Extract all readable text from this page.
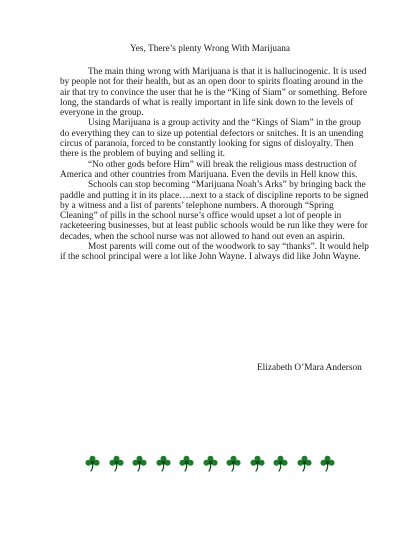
Yes, There’s plenty Wrong With Marijuana

The main thing wrong with Marijuana is that it is hallucinogenic. It is used by people not for their health, but as an open door to spirits floating around in the air that try to convince the user that he is the “King of Siam” or something. Before long, the standards of what is really important in life sink down to the levels of everyone in the group.

Using Marijuana is a group activity and the “Kings of Siam” in the group do everything they can to size up potential defectors or snitches. It is an unending circus of paranoia, forced to be constantly looking for signs of disloyalty. Then there is the problem of buying and selling it.

“No other gods before Him” will break the religious mass destruction of America and other countries from Marijuana. Even the devils in Hell know this.

Schools can stop becoming “Marijuana Noah’s Arks” by bringing back the paddle and putting it in its place….next to a stack of discipline reports to be signed by a witness and a list of parents’ telephone numbers. A thorough “Spring Cleaning” of pills in the school nurse’s office would upset a lot of people in racketeering businesses, but at least public schools would be run like they were for decades, when the school nurse was not allowed to hand out even an aspirin.

Most parents will come out of the woodwork to say “thanks”. It would help if the school principal were a lot like John Wayne. I always did like John Wayne.

Elizabeth O’Mara Anderson
